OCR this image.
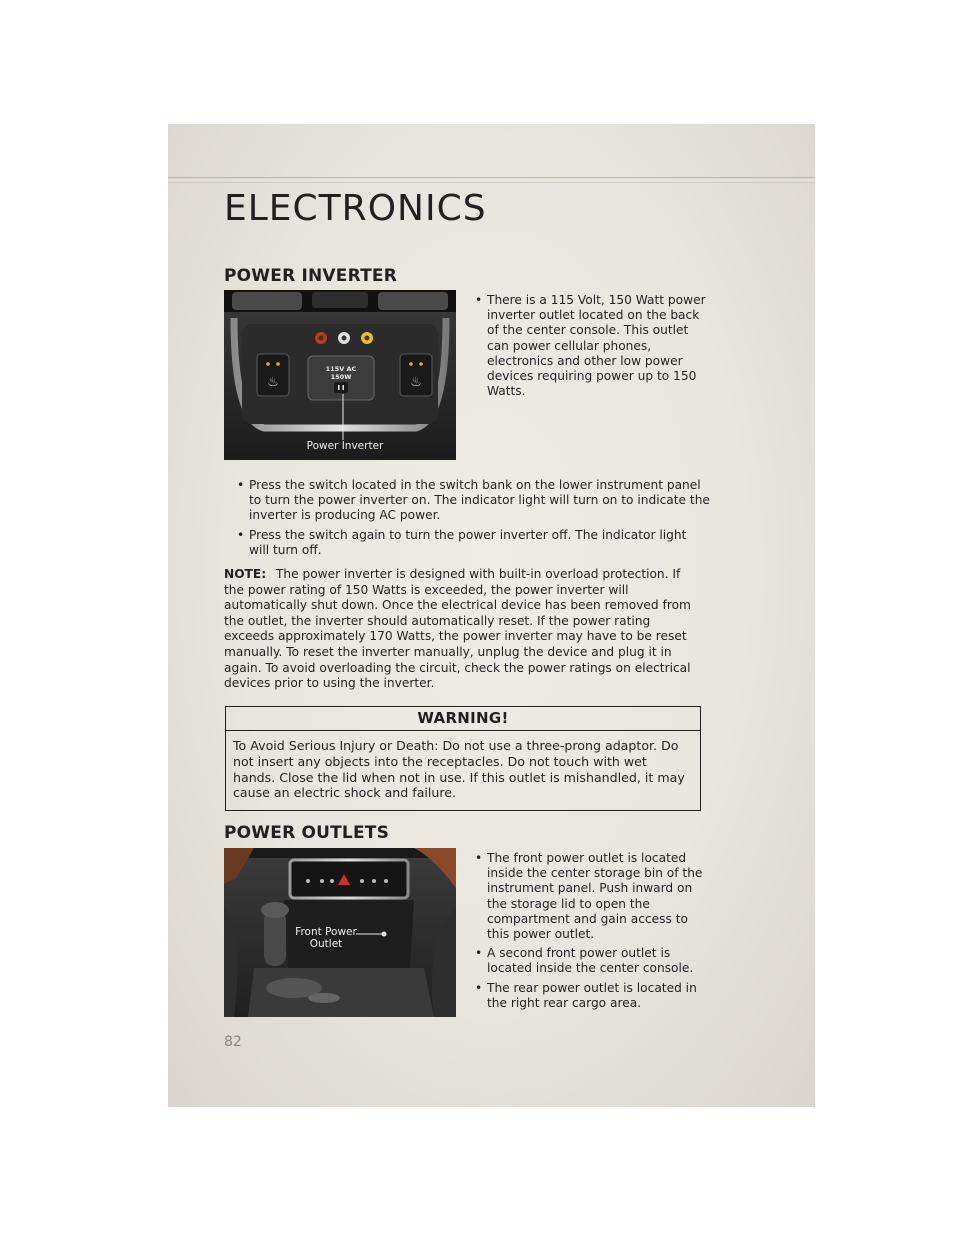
ELECTRONICS
POWER INVERTER
♨	♨
115V AC
150W
Power Inverter
• There is a 115 Volt, 150 Watt power inverter outlet located on the back of the center console. This outlet can power cellular phones, electronics and other low power devices requiring power up to 150 Watts.
• Press the switch located in the switch bank on the lower instrument panel to turn the power inverter on. The indicator light will turn on to indicate the inverter is producing AC power.
• Press the switch again to turn the power inverter off. The indicator light will turn off.
NOTE: The power inverter is designed with built-in overload protection. If the power rating of 150 Watts is exceeded, the power inverter will automatically shut down. Once the electrical device has been removed from the outlet, the inverter should automatically reset. If the power rating exceeds approximately 170 Watts, the power inverter may have to be reset manually. To reset the inverter manually, unplug the device and plug it in again. To avoid overloading the circuit, check the power ratings on electrical devices prior to using the inverter.
WARNING!
To Avoid Serious Injury or Death: Do not use a three-prong adaptor. Do not insert any objects into the receptacles. Do not touch with wet hands. Close the lid when not in use. If this outlet is mishandled, it may cause an electric shock and failure.
POWER OUTLETS
Front Power
Outlet
• The front power outlet is located inside the center storage bin of the instrument panel. Push inward on the storage lid to open the compartment and gain access to this power outlet.
• A second front power outlet is located inside the center console.
• The rear power outlet is located in the right rear cargo area.
82
